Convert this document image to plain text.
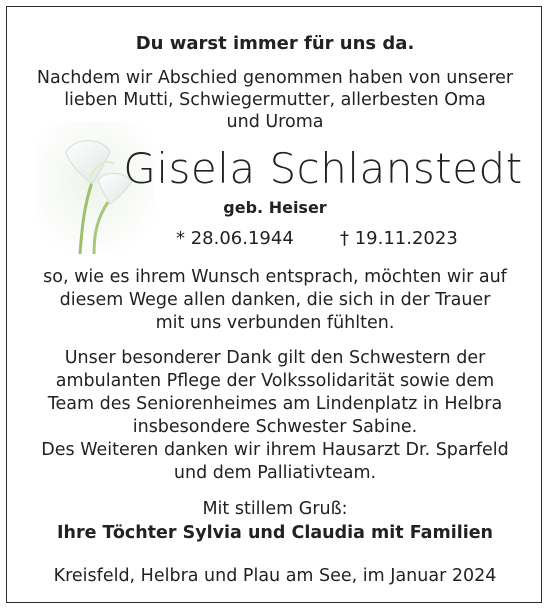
Du warst immer für uns da.
Nachdem wir Abschied genommen haben von unserer
lieben Mutti, Schwiegermutter, allerbesten Oma
und Uroma
Gisela Schlanstedt
geb. Heiser
* 28.06.1944	† 19.11.2023
so, wie es ihrem Wunsch entsprach, möchten wir auf
diesem Wege allen danken, die sich in der Trauer
mit uns verbunden fühlten.
Unser besonderer Dank gilt den Schwestern der
ambulanten Pflege der Volkssolidarität sowie dem
Team des Seniorenheimes am Lindenplatz in Helbra
insbesondere Schwester Sabine.
Des Weiteren danken wir ihrem Hausarzt Dr. Sparfeld
und dem Palliativteam.
Mit stillem Gruß:
Ihre Töchter Sylvia und Claudia mit Familien
Kreisfeld, Helbra und Plau am See, im Januar 2024
